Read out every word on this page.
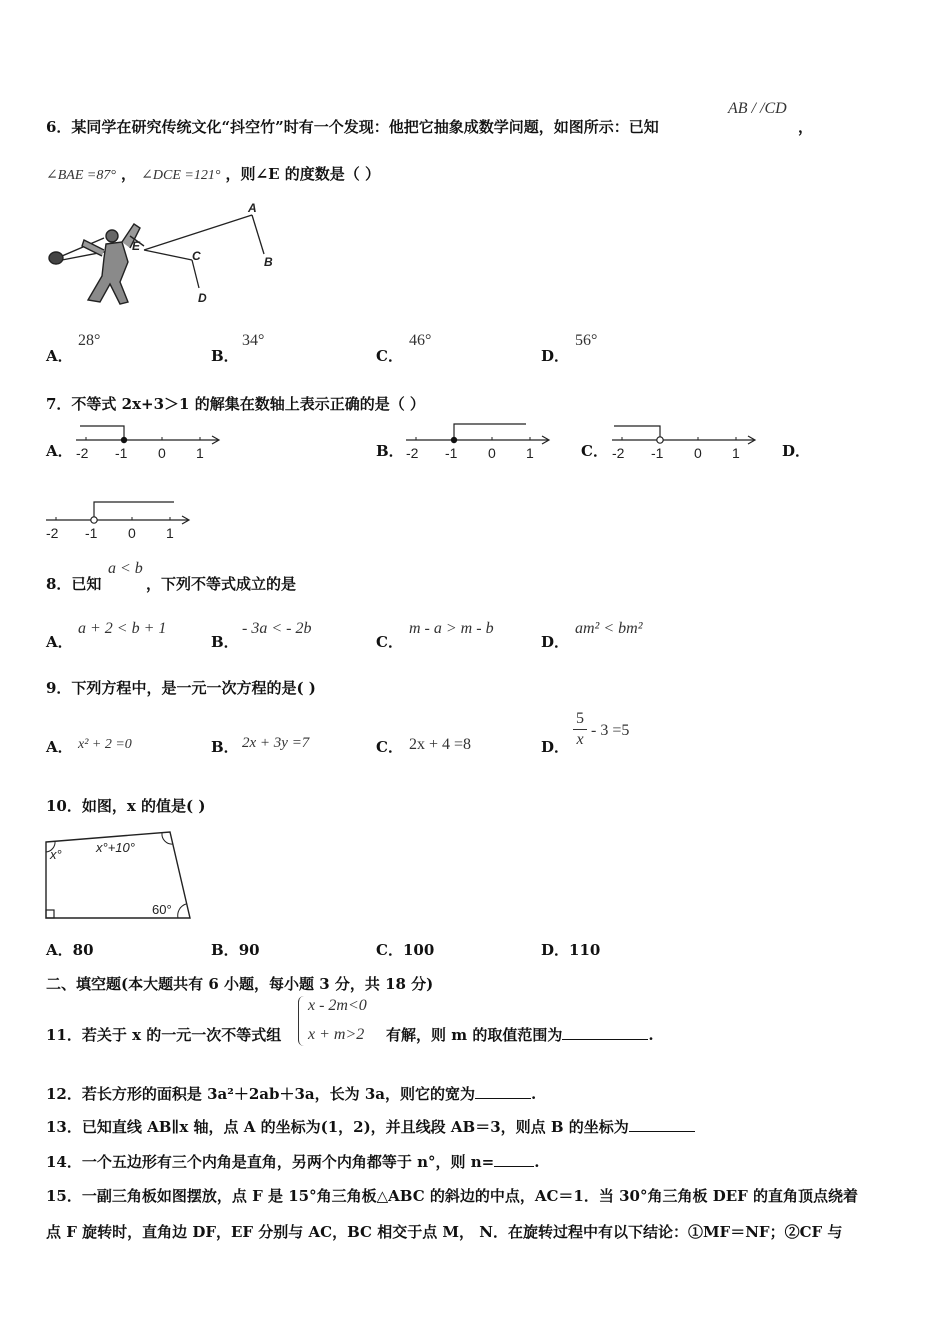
6．某同学在研究传统文化“抖空竹”时有一个发现：他把它抽象成数学问题，如图所示：已知
AB / /CD
，
∠BAE =87° ， ∠DCE =121° ，则∠E 的度数是（ ）
A
B
C
D
E
A．
28°
B．
34°
C．
46°
D．
56°
7．不等式 2x+3＞1 的解集在数轴上表示正确的是（ ）
A．	B．	C．	D．
-2 -1 0 1	-2 -1 0 1	-2 -1 0 1
-2 -1 0 1
8．已知
a < b
，下列不等式成立的是
A．
a + 2 < b + 1
B．
- 3a < - 2b
C．
m - a > m - b
D．
am² < bm²
9．下列方程中，是一元一次方程的是( )
A． x² + 2 =0	B． 2x + 3y =7	C． 2x + 4 =8	D．
5
x
- 3 =5
10．如图，x 的值是( )
x°	x°+10°
60°
A．80	B．90	C．100	D．110
二、填空题(本大题共有 6 小题，每小题 3 分，共 18 分)
11．若关于 x 的一元一次不等式组
x - 2m<0
x + m>2 有解，则 m 的取值范围为	.
12．若长方形的面积是 3a²＋2ab＋3a，长为 3a，则它的宽为	.
13．已知直线 AB∥x 轴，点 A 的坐标为(1，2)，并且线段 AB＝3，则点 B 的坐标为
14．一个五边形有三个内角是直角，另两个内角都等于 n°，则 n=	.
15．一副三角板如图摆放，点 F 是 15°角三角板△ABC 的斜边的中点，AC＝1．当 30°角三角板 DEF 的直角顶点绕着
点 F 旋转时，直角边 DF，EF 分别与 AC，BC 相交于点 M， N．在旋转过程中有以下结论：①MF＝NF；②CF 与
